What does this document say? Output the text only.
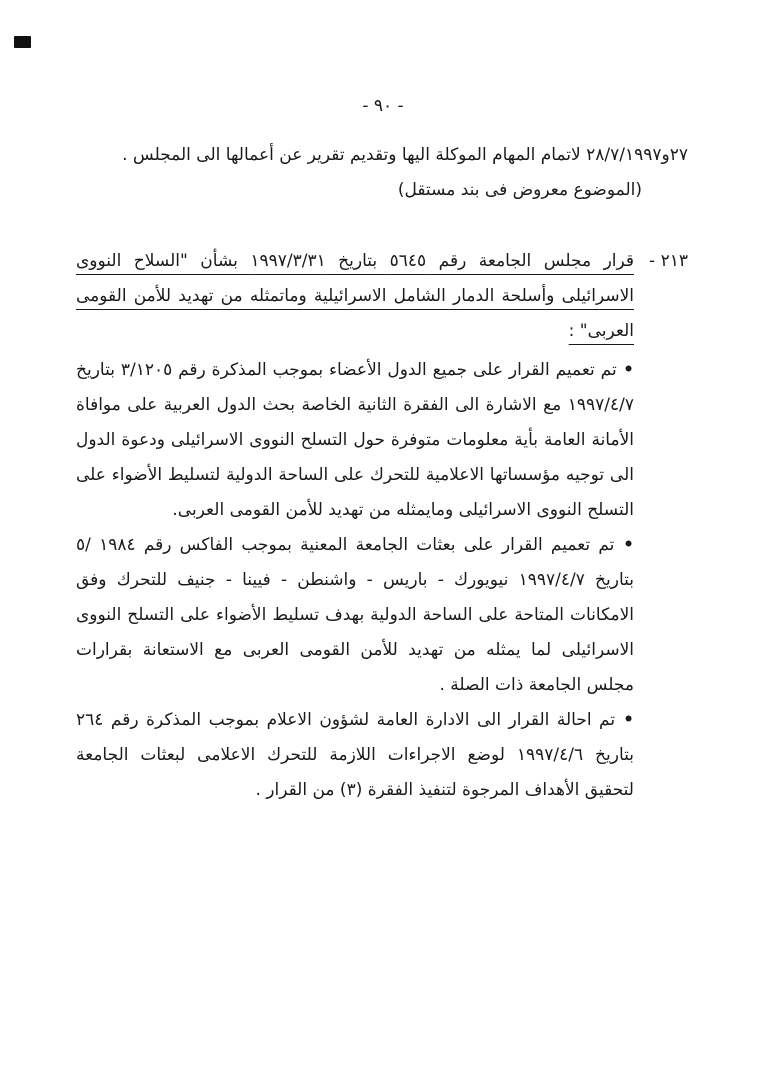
- ٩٠ -

٢٧و٢٨/٧/١٩٩٧ لاتمام المهام الموكلة اليها وتقديم تقرير عن أعمالها الى المجلس .

(الموضوع معروض فى بند مستقل)

٢١٣ -

قرار مجلس الجامعة رقم ٥٦٤٥ بتاريخ ١٩٩٧/٣/٣١ بشأن "السلاح النووى الاسرائيلى وأسلحة الدمار الشامل الاسرائيلية وماتمثله من تهديد للأمن القومى العربى" :

• تم تعميم القرار على جميع الدول الأعضاء بموجب المذكرة رقم ٣/١٢٠٥ بتاريخ ١٩٩٧/٤/٧ مع الاشارة الى الفقرة الثانية الخاصة بحث الدول العربية على موافاة الأمانة العامة بأية معلومات متوفرة حول التسلح النووى الاسرائيلى ودعوة الدول الى توجيه مؤسساتها الاعلامية للتحرك على الساحة الدولية لتسليط الأضواء على التسلح النووى الاسرائيلى ومايمثله من تهديد للأمن القومى العربى.
• تم تعميم القرار على بعثات الجامعة المعنية بموجب الفاكس رقم ١٩٨٤ /٥ بتاريخ ١٩٩٧/٤/٧ نيويورك - باريس - واشنطن - فيينا - جنيف للتحرك وفق الامكانات المتاحة على الساحة الدولية بهدف تسليط الأضواء على التسلح النووى الاسرائيلى لما يمثله من تهديد للأمن القومى العربى مع الاستعانة بقرارات مجلس الجامعة ذات الصلة .
• تم احالة القرار الى الادارة العامة لشؤون الاعلام بموجب المذكرة رقم ٢٦٤ بتاريخ ١٩٩٧/٤/٦ لوضع الاجراءات اللازمة للتحرك الاعلامى لبعثات الجامعة لتحقيق الأهداف المرجوة لتنفيذ الفقرة (٣) من القرار .
